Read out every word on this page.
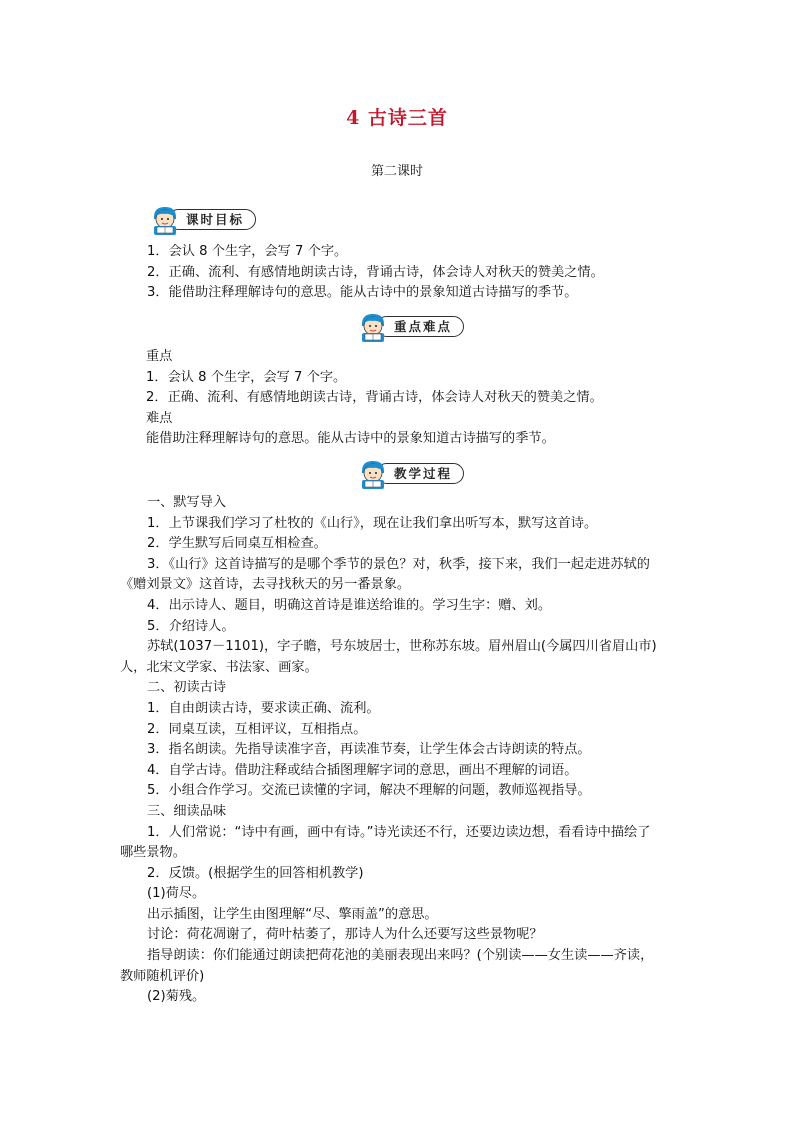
4 古诗三首
第二课时
课时目标

1．会认 8 个生字，会写 7 个字。

2．正确、流利、有感情地朗读古诗，背诵古诗，体会诗人对秋天的赞美之情。

3．能借助注释理解诗句的意思。能从古诗中的景象知道古诗描写的季节。

重点难点

重点

1．会认 8 个生字，会写 7 个字。

2．正确、流利、有感情地朗读古诗，背诵古诗，体会诗人对秋天的赞美之情。

难点

能借助注释理解诗句的意思。能从古诗中的景象知道古诗描写的季节。

教学过程

一、默写导入

1．上节课我们学习了杜牧的《山行》，现在让我们拿出听写本，默写这首诗。

2．学生默写后同桌互相检查。

3．《山行》这首诗描写的是哪个季节的景色？对，秋季，接下来，我们一起走进苏轼的《赠刘景文》这首诗，去寻找秋天的另一番景象。

4．出示诗人、题目，明确这首诗是谁送给谁的。学习生字：赠、刘。

5．介绍诗人。

苏轼(1037－1101)，字子瞻，号东坡居士，世称苏东坡。眉州眉山(今属四川省眉山市)人，北宋文学家、书法家、画家。

二、初读古诗

1．自由朗读古诗，要求读正确、流利。

2．同桌互读，互相评议，互相指点。

3．指名朗读。先指导读准字音，再读准节奏，让学生体会古诗朗读的特点。

4．自学古诗。借助注释或结合插图理解字词的意思，画出不理解的词语。

5．小组合作学习。交流已读懂的字词，解决不理解的问题，教师巡视指导。

三、细读品味

1．人们常说：“诗中有画，画中有诗。”诗光读还不行，还要边读边想，看看诗中描绘了哪些景物。

2．反馈。(根据学生的回答相机教学)

(1)荷尽。

出示插图，让学生由图理解“尽、擎雨盖”的意思。

讨论：荷花凋谢了，荷叶枯萎了，那诗人为什么还要写这些景物呢？

指导朗读：你们能通过朗读把荷花池的美丽表现出来吗？(个别读——女生读——齐读，教师随机评价)

(2)菊残。
